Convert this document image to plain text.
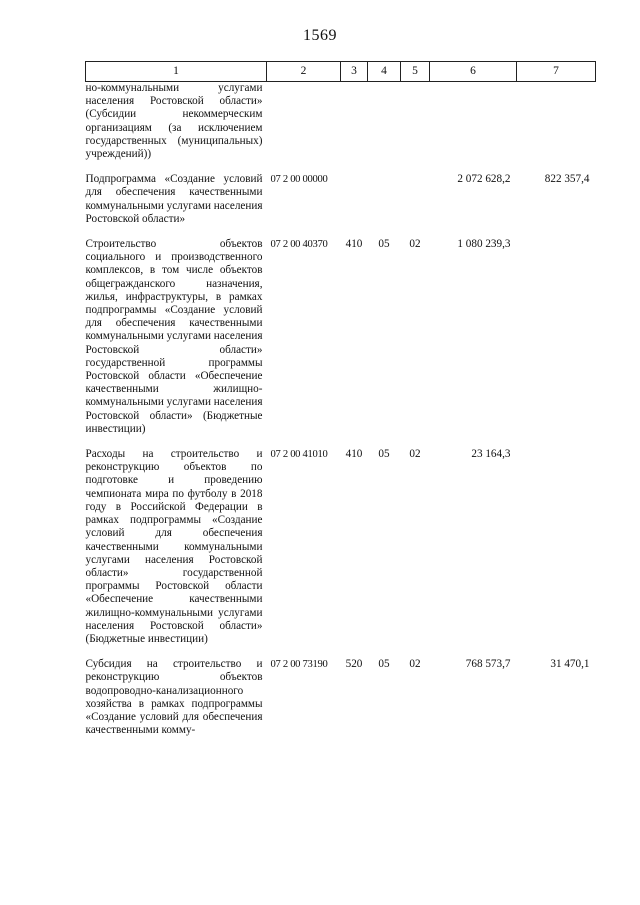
1569
1	2	3	4	5	6	7
но-коммунальными услугами населения Ростовской области» (Субсидии некоммерческим организациям (за исключением государственных (муниципальных) учреждений))						

Подпрограмма «Создание условий для обеспечения качественными коммунальными услугами населения Ростовской области»	07 2 00 00000				2 072 628,2	822 357,4

Строительство объектов социального и производственного комплексов, в том числе объектов общегражданского назначения, жилья, инфраструктуры, в рамках подпрограммы «Создание условий для обеспечения качественными коммунальными услугами населения Ростовской области» государственной программы Ростовской области «Обеспечение качественными жилищно-коммунальными услугами населения Ростовской области» (Бюджетные инвестиции)	07 2 00 40370	410	05	02	1 080 239,3	

Расходы на строительство и реконструкцию объектов по подготовке и проведению чемпионата мира по футболу в 2018 году в Российской Федерации в рамках подпрограммы «Создание условий для обеспечения качественными коммунальными услугами населения Ростовской области» государственной программы Ростовской области «Обеспечение качественными жилищно-коммунальными услугами населения Ростовской области» (Бюджетные инвестиции)	07 2 00 41010	410	05	02	23 164,3	

Субсидия на строительство и реконструкцию объектов водопроводно-канализационного хозяйства в рамках подпрограммы «Создание условий для обеспечения качественными комму-	07 2 00 73190	520	05	02	768 573,7	31 470,1
